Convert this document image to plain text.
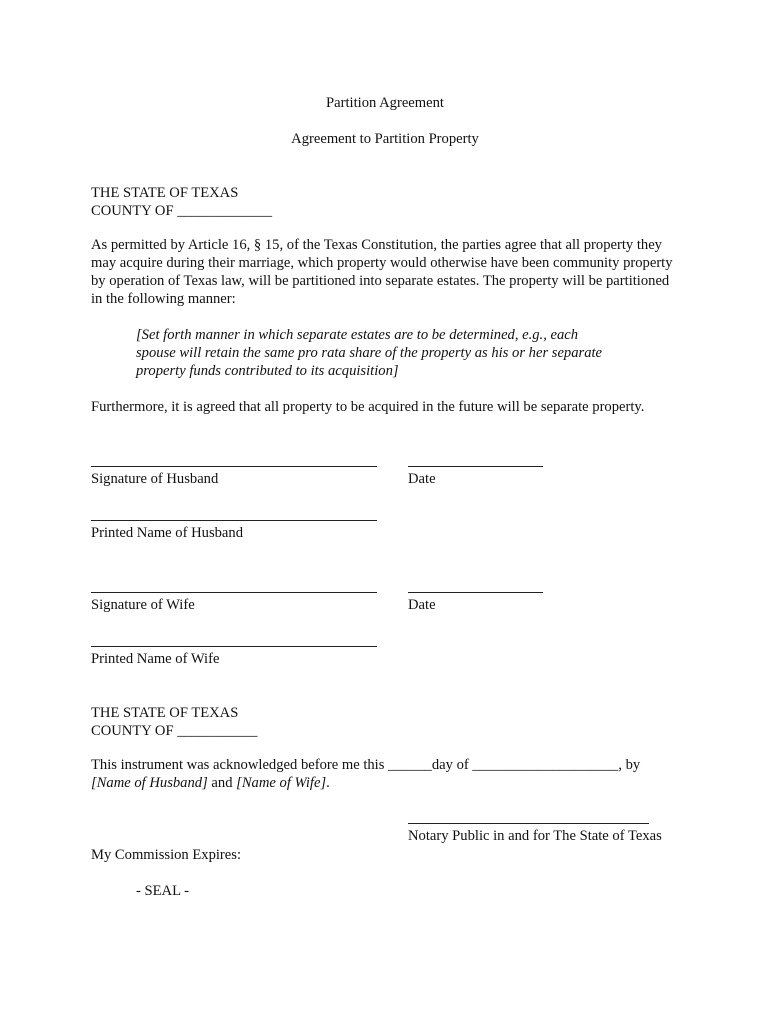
Partition Agreement
Agreement to Partition Property
THE STATE OF TEXAS
COUNTY OF _____________
As permitted by Article 16, § 15, of the Texas Constitution, the parties agree that all property they may acquire during their marriage, which property would otherwise have been community property by operation of Texas law, will be partitioned into separate estates. The property will be partitioned in the following manner:
[Set forth manner in which separate estates are to be determined, e.g., each
spouse will retain the same pro rata share of the property as his or her separate
property funds contributed to its acquisition]
Furthermore, it is agreed that all property to be acquired in the future will be separate property.
Signature of Husband	Date
Printed Name of Husband
Signature of Wife	Date
Printed Name of Wife
THE STATE OF TEXAS
COUNTY OF ___________
This instrument was acknowledged before me this ______day of ____________________, by
[Name of Husband] and [Name of Wife].
Notary Public in and for The State of Texas
My Commission Expires:
- SEAL -
